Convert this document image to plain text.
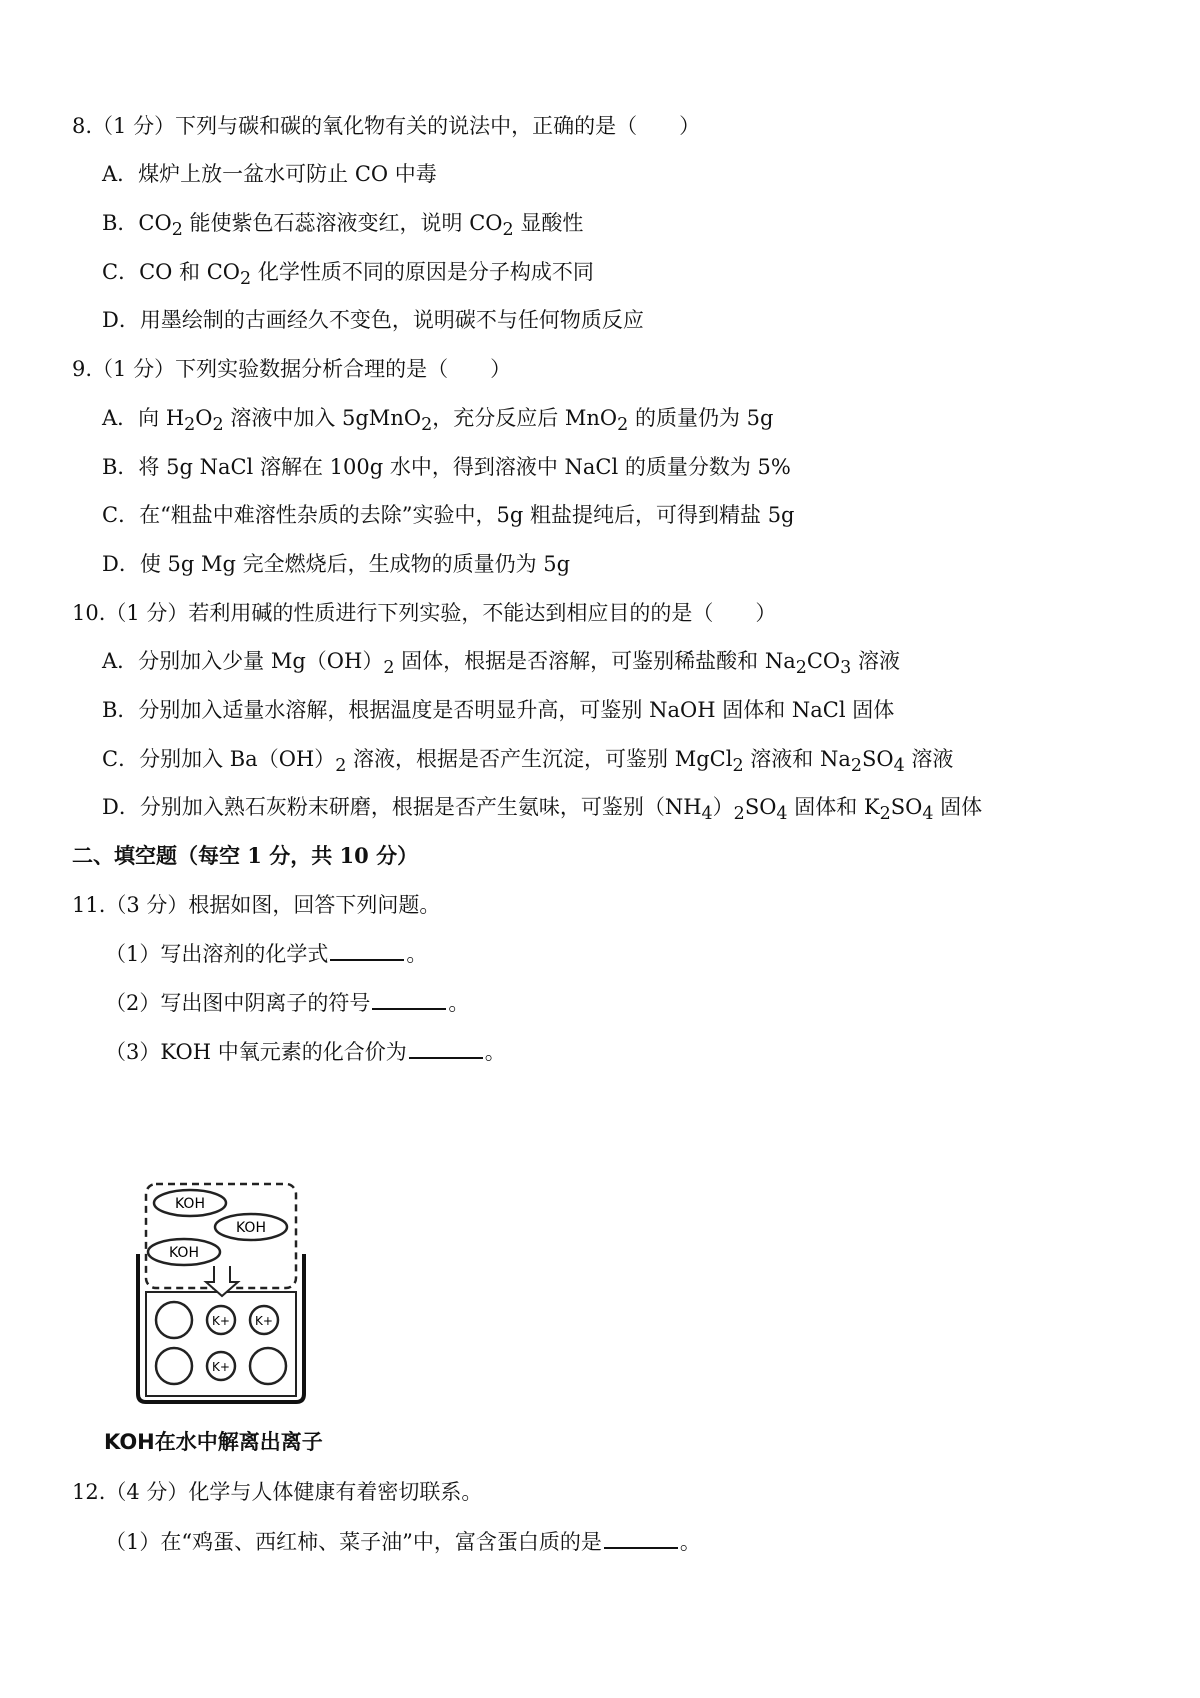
8.（1 分）下列与碳和碳的氧化物有关的说法中，正确的是（　　）
A．煤炉上放一盆水可防止 CO 中毒
B．$CO_2$ 能使紫色石蕊溶液变红，说明 $CO_2$ 显酸性
C．CO 和 $CO_2$ 化学性质不同的原因是分子构成不同
D．用墨绘制的古画经久不变色，说明碳不与任何物质反应
9.（1 分）下列实验数据分析合理的是（　　）
A．向 $H_2O_2$ 溶液中加入 5gMnO$_2$，充分反应后 MnO$_2$ 的质量仍为 5g
B．将 5g NaCl 溶解在 100g 水中，得到溶液中 NaCl 的质量分数为 5%
C．在“粗盐中难溶性杂质的去除”实验中，5g 粗盐提纯后，可得到精盐 5g
D．使 5g Mg 完全燃烧后，生成物的质量仍为 5g
10.（1 分）若利用碱的性质进行下列实验，不能达到相应目的的是（　　）
A．分别加入少量 $Mg(OH)_2$ 固体，根据是否溶解，可鉴别稀盐酸和 $Na_2CO_3$ 溶液
B．分别加入适量水溶解，根据温度是否明显升高，可鉴别 NaOH 固体和 NaCl 固体
C．分别加入 $Ba(OH)_2$ 溶液，根据是否产生沉淀，可鉴别 MgCl$_2$ 溶液和 $Na_2SO_4$ 溶液
D．分别加入熟石灰粉末研磨，根据是否产生氨味，可鉴别$(NH_4)_2SO_4$ 固体和 $K_2SO_4$ 固体
二、填空题（每空 1 分，共 10 分）
11.（3 分）根据如图，回答下列问题。
（1）写出溶剂的化学式	。
（2）写出图中阴离子的符号	。
（3）KOH 中氧元素的化合价为	。
KOH
KOH
KOH
K+ K+
K+
KOH在水中解离出离子
12.（4 分）化学与人体健康有着密切联系。
（1）在“鸡蛋、西红柿、菜子油”中，富含蛋白质的是	。
